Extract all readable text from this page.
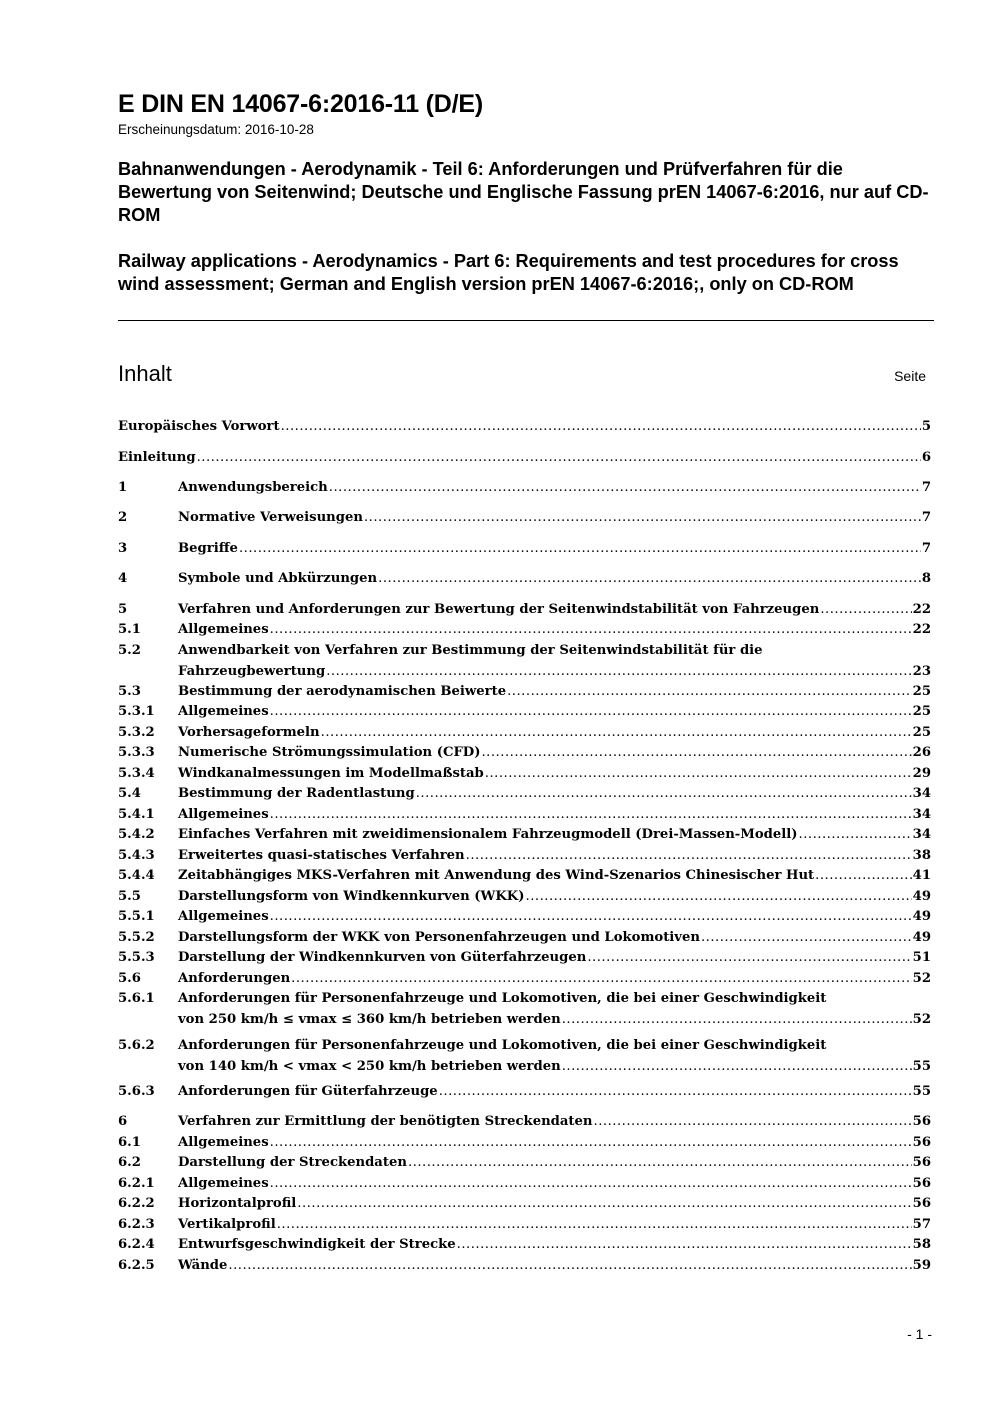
E DIN EN 14067-6:2016-11 (D/E)
Erscheinungsdatum: 2016-10-28
Bahnanwendungen - Aerodynamik - Teil 6: Anforderungen und Prüfverfahren für die Bewertung von Seitenwind; Deutsche und Englische Fassung prEN 14067-6:2016, nur auf CD-ROM
Railway applications - Aerodynamics - Part 6: Requirements and test procedures for cross wind assessment; German and English version prEN 14067-6:2016;, only on CD-ROM
Inhalt	Seite
Europäisches Vorwort .....	5
Einleitung .....	6
1	Anwendungsbereich .....	7
2	Normative Verweisungen .....	7
3	Begriffe .....	7
4	Symbole und Abkürzungen .....	8
5	Verfahren und Anforderungen zur Bewertung der Seitenwindstabilität von Fahrzeugen .....	22
5.1	Allgemeines .....	22
5.2	Anwendbarkeit von Verfahren zur Bestimmung der Seitenwindstabilität für die
Fahrzeugbewertung .....	23
5.3	Bestimmung der aerodynamischen Beiwerte .....	25
5.3.1	Allgemeines .....	25
5.3.2	Vorhersageformeln .....	25
5.3.3	Numerische Strömungssimulation (CFD) .....	26
5.3.4	Windkanalmessungen im Modellmaßstab .....	29
5.4	Bestimmung der Radentlastung .....	34
5.4.1	Allgemeines .....	34
5.4.2	Einfaches Verfahren mit zweidimensionalem Fahrzeugmodell (Drei-Massen-Modell) .....	34
5.4.3	Erweitertes quasi-statisches Verfahren .....	38
5.4.4	Zeitabhängiges MKS-Verfahren mit Anwendung des Wind-Szenarios Chinesischer Hut .....	41
5.5	Darstellungsform von Windkennkurven (WKK) .....	49
5.5.1	Allgemeines .....	49
5.5.2	Darstellungsform der WKK von Personenfahrzeugen und Lokomotiven .....	49
5.5.3	Darstellung der Windkennkurven von Güterfahrzeugen .....	51
5.6	Anforderungen .....	52
5.6.1	Anforderungen für Personenfahrzeuge und Lokomotiven, die bei einer Geschwindigkeit
von 250 km/h ≤ vmax ≤ 360 km/h betrieben werden .....	52
5.6.2	Anforderungen für Personenfahrzeuge und Lokomotiven, die bei einer Geschwindigkeit
von 140 km/h < vmax < 250 km/h betrieben werden .....	55
5.6.3	Anforderungen für Güterfahrzeuge .....	55
6	Verfahren zur Ermittlung der benötigten Streckendaten .....	56
6.1	Allgemeines .....	56
6.2	Darstellung der Streckendaten .....	56
6.2.1	Allgemeines .....	56
6.2.2	Horizontalprofil .....	56
6.2.3	Vertikalprofil .....	57
6.2.4	Entwurfsgeschwindigkeit der Strecke .....	58
6.2.5	Wände .....	59
- 1 -
